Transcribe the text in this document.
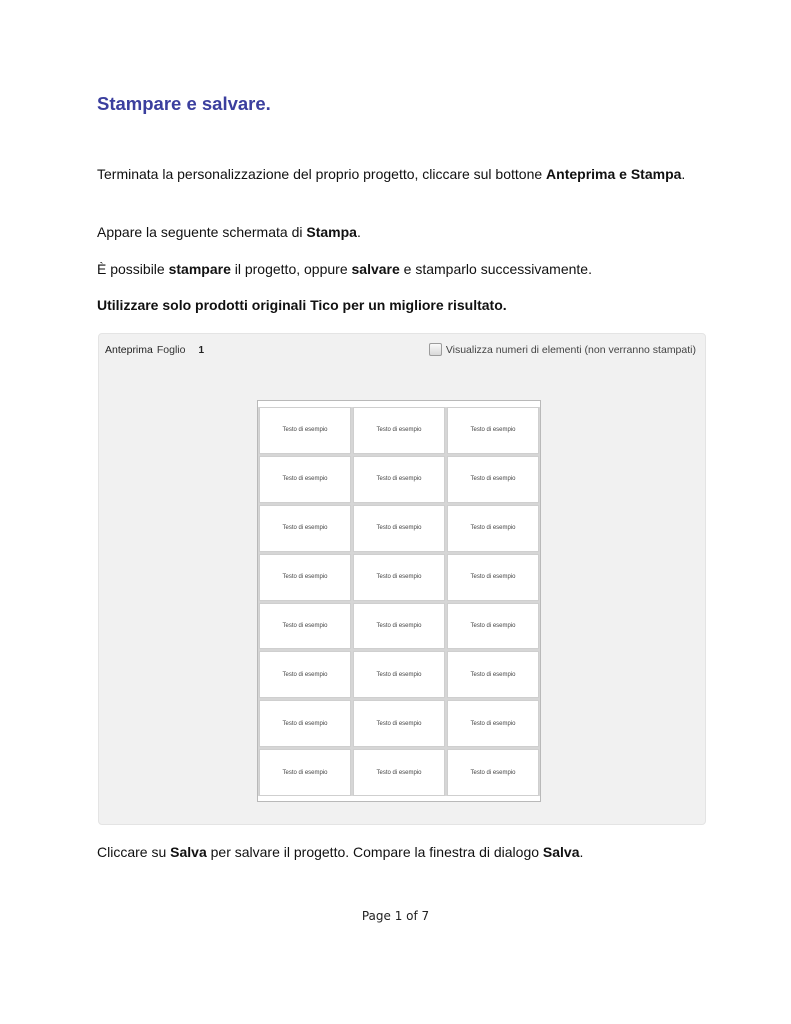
Stampare e salvare.

Terminata la personalizzazione del proprio progetto, cliccare sul bottone Anteprima e Stampa.

Appare la seguente schermata di Stampa.

È possibile stampare il progetto, oppure salvare e stamparlo successivamente.

Utilizzare solo prodotti originali Tico per un migliore risultato.

Anteprima Foglio 1	Visualizza numeri di elementi (non verranno stampati)
Testo di esempio	Testo di esempio	Testo di esempio
Testo di esempio	Testo di esempio	Testo di esempio
Testo di esempio	Testo di esempio	Testo di esempio
Testo di esempio	Testo di esempio	Testo di esempio
Testo di esempio	Testo di esempio	Testo di esempio
Testo di esempio	Testo di esempio	Testo di esempio
Testo di esempio	Testo di esempio	Testo di esempio
Testo di esempio	Testo di esempio	Testo di esempio

Cliccare su Salva per salvare il progetto. Compare la finestra di dialogo Salva.

Page 1 of 7
